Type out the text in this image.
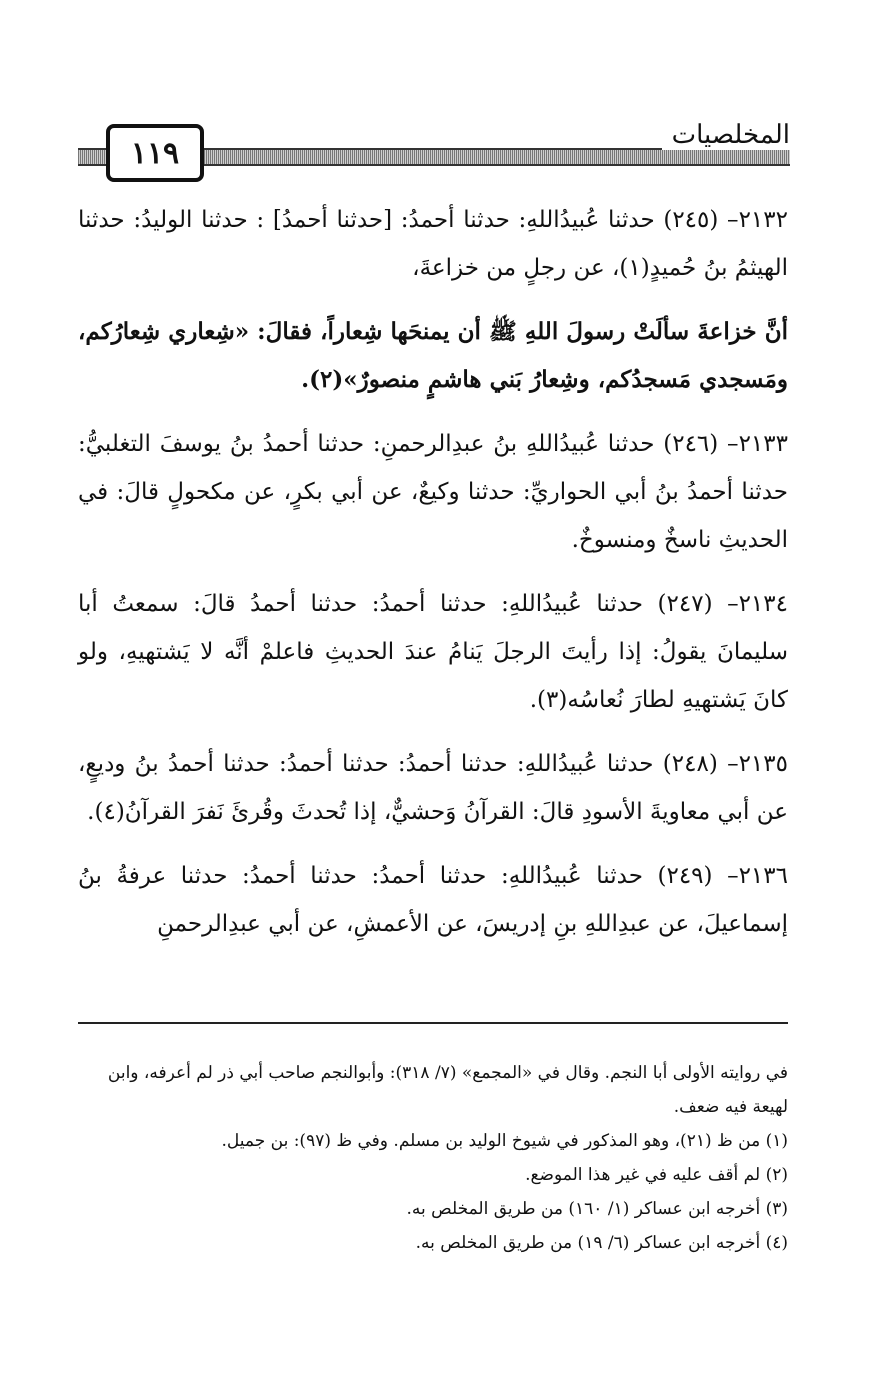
١١٩
المخلصيات

٢١٣٢– (٢٤٥) حدثنا عُبيدُاللهِ: حدثنا أحمدُ: [حدثنا أحمدُ] : حدثنا الوليدُ: حدثنا الهيثمُ بنُ حُميدٍ(١)، عن رجلٍ من خزاعةَ،

أنَّ خزاعةَ سألَتْ رسولَ اللهِ ﷺ أن يمنحَها شِعاراً، فقالَ: «شِعاري شِعارُكم، ومَسجدي مَسجدُكم، وشِعارُ بَني هاشمٍ منصورٌ»(٢).

٢١٣٣– (٢٤٦) حدثنا عُبيدُاللهِ بنُ عبدِالرحمنِ: حدثنا أحمدُ بنُ يوسفَ التغلبيُّ: حدثنا أحمدُ بنُ أبي الحواريِّ: حدثنا وكيعٌ، عن أبي بكرٍ، عن مكحولٍ قالَ: في الحديثِ ناسخٌ ومنسوخٌ.

٢١٣٤– (٢٤٧) حدثنا عُبيدُاللهِ: حدثنا أحمدُ: حدثنا أحمدُ قالَ: سمعتُ أبا سليمانَ يقولُ: إذا رأيتَ الرجلَ يَنامُ عندَ الحديثِ فاعلمْ أنَّه لا يَشتهيهِ، ولو كانَ يَشتهيهِ لطارَ نُعاسُه(٣).

٢١٣٥– (٢٤٨) حدثنا عُبيدُاللهِ: حدثنا أحمدُ: حدثنا أحمدُ: حدثنا أحمدُ بنُ وديعٍ، عن أبي معاويةَ الأسودِ قالَ: القرآنُ وَحشيٌّ، إذا تُحدثَ وقُرئَ نَفرَ القرآنُ(٤).

٢١٣٦– (٢٤٩) حدثنا عُبيدُاللهِ: حدثنا أحمدُ: حدثنا أحمدُ: حدثنا عرفةُ بنُ إسماعيلَ، عن عبدِاللهِ بنِ إدريسَ، عن الأعمشِ، عن أبي عبدِالرحمنِ

في روايته الأولى أبا النجم. وقال في «المجمع» (٧/ ٣١٨): وأبوالنجم صاحب أبي ذر لم أعرفه، وابن لهيعة فيه ضعف.

(١) من ظ (٢١)، وهو المذكور في شيوخ الوليد بن مسلم. وفي ظ (٩٧): بن جميل.

(٢) لم أقف عليه في غير هذا الموضع.

(٣) أخرجه ابن عساكر (١/ ١٦٠) من طريق المخلص به.

(٤) أخرجه ابن عساكر (٦/ ١٩) من طريق المخلص به.
